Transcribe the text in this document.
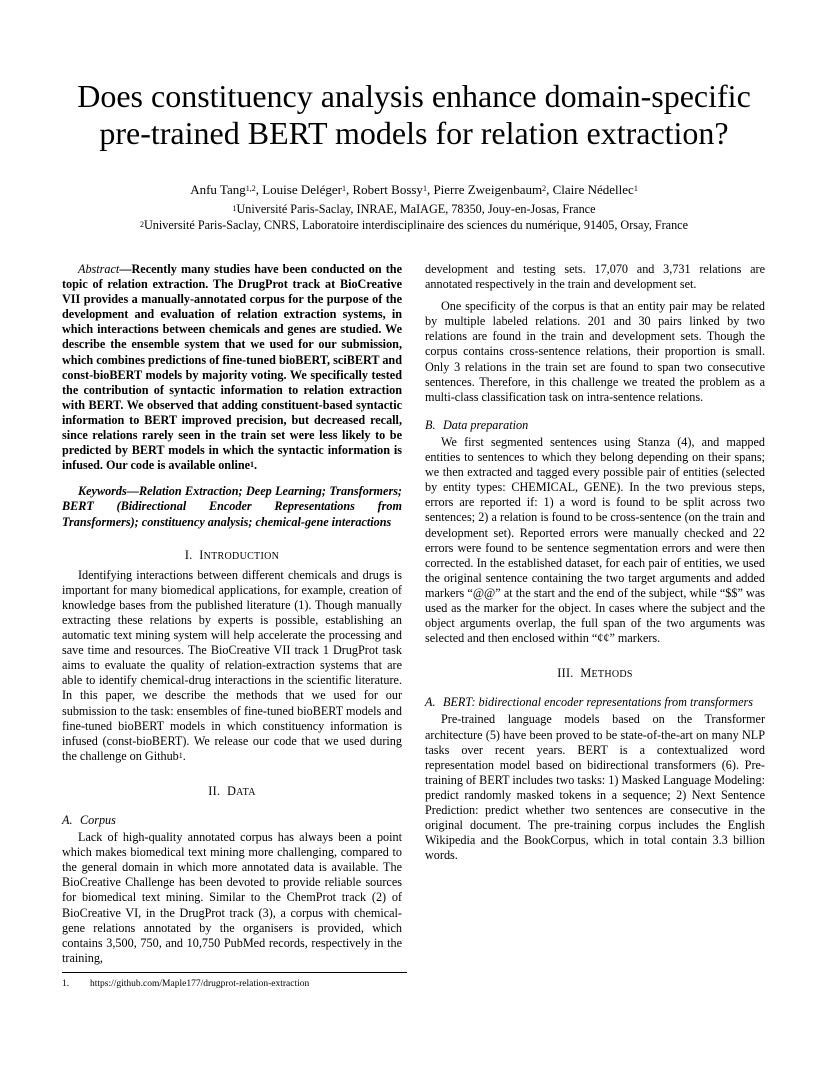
Does constituency analysis enhance domain-specific
pre-trained BERT models for relation extraction?
Anfu Tang$^{1,2}$, Louise Deléger$^1$, Robert Bossy$^1$, Pierre Zweigenbaum$^2$, Claire Nédellec$^1$
$^1$Université Paris-Saclay, INRAE, MaIAGE, 78350, Jouy-en-Josas, France
$^2$Université Paris-Saclay, CNRS, Laboratoire interdisciplinaire des sciences du numérique, 91405, Orsay, France

Abstract—Recently many studies have been conducted on the topic of relation extraction. The DrugProt track at BioCreative VII provides a manually-annotated corpus for the purpose of the development and evaluation of relation extraction systems, in which interactions between chemicals and genes are studied. We describe the ensemble system that we used for our submission, which combines predictions of fine-tuned bioBERT, sciBERT and const-bioBERT models by majority voting. We specifically tested the contribution of syntactic information to relation extraction with BERT. We observed that adding constituent-based syntactic information to BERT improved precision, but decreased recall, since relations rarely seen in the train set were less likely to be predicted by BERT models in which the syntactic information is infused. Our code is available online$^1$.

Keywords—Relation Extraction; Deep Learning; Transformers; BERT (Bidirectional Encoder Representations from Transformers); constituency analysis; chemical-gene interactions

I. INTRODUCTION

Identifying interactions between different chemicals and drugs is important for many biomedical applications, for example, creation of knowledge bases from the published literature (1). Though manually extracting these relations by experts is possible, establishing an automatic text mining system will help accelerate the processing and save time and resources. The BioCreative VII track 1 DrugProt task aims to evaluate the quality of relation-extraction systems that are able to identify chemical-drug interactions in the scientific literature. In this paper, we describe the methods that we used for our submission to the task: ensembles of fine-tuned bioBERT models and fine-tuned bioBERT models in which constituency information is infused (const-bioBERT). We release our code that we used during the challenge on Github$^1$.

II. DATA

A. Corpus

Lack of high-quality annotated corpus has always been a point which makes biomedical text mining more challenging, compared to the general domain in which more annotated data is available. The BioCreative Challenge has been devoted to provide reliable sources for biomedical text mining. Similar to the ChemProt track (2) of BioCreative VI, in the DrugProt track (3), a corpus with chemical-gene relations annotated by the organisers is provided, which contains 3,500, 750, and 10,750 PubMed records, respectively in the training,

development and testing sets. 17,070 and 3,731 relations are annotated respectively in the train and development set.

One specificity of the corpus is that an entity pair may be related by multiple labeled relations. 201 and 30 pairs linked by two relations are found in the train and development sets. Though the corpus contains cross-sentence relations, their proportion is small. Only 3 relations in the train set are found to span two consecutive sentences. Therefore, in this challenge we treated the problem as a multi-class classification task on intra-sentence relations.

B. Data preparation

We first segmented sentences using Stanza (4), and mapped entities to sentences to which they belong depending on their spans; we then extracted and tagged every possible pair of entities (selected by entity types: CHEMICAL, GENE). In the two previous steps, errors are reported if: 1) a word is found to be split across two sentences; 2) a relation is found to be cross-sentence (on the train and development set). Reported errors were manually checked and 22 errors were found to be sentence segmentation errors and were then corrected. In the established dataset, for each pair of entities, we used the original sentence containing the two target arguments and added markers “@@” at the start and the end of the subject, while “$$” was used as the marker for the object. In cases where the subject and the object arguments overlap, the full span of the two arguments was selected and then enclosed within “¢¢” markers.

III. METHODS

A. BERT: bidirectional encoder representations from transformers

Pre-trained language models based on the Transformer architecture (5) have been proved to be state-of-the-art on many NLP tasks over recent years. BERT is a contextualized word representation model based on bidirectional transformers (6). Pre-training of BERT includes two tasks: 1) Masked Language Modeling: predict randomly masked tokens in a sequence; 2) Next Sentence Prediction: predict whether two sentences are consecutive in the original document. The pre-training corpus includes the English Wikipedia and the BookCorpus, which in total contain 3.3 billion words.

1. https://github.com/Maple177/drugprot-relation-extraction
